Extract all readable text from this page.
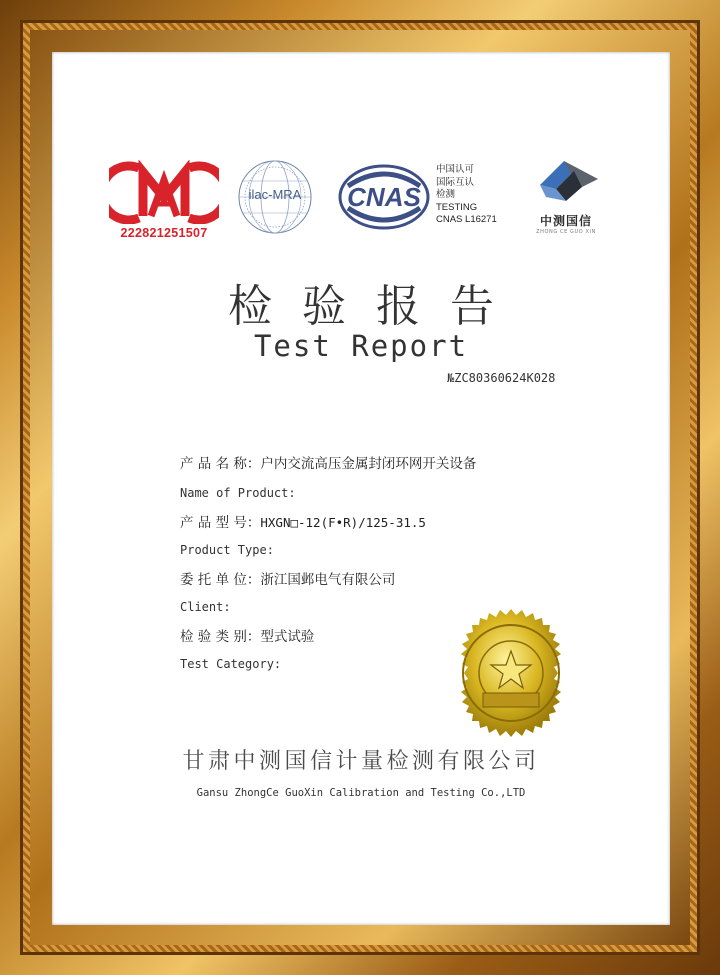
222821251507
ilac-MRA	CNAS
中国认可
国际互认
检测
TESTING
CNAS L16271	中测国信
ZHONG CE GUO XIN
检验报告
Test Report
№ZC80360624K028
产 品 名 称：户内交流高压金属封闭环网开关设备
Name of Product:
产 品 型 号：HXGN□-12(F•R)/125-31.5
Product Type:
委 托 单 位：浙江国邺电气有限公司
Client:
检 验 类 别：型式试验
Test Category:
甘肃中测国信计量检测有限公司
Gansu ZhongCe GuoXin Calibration and Testing Co.,LTD
